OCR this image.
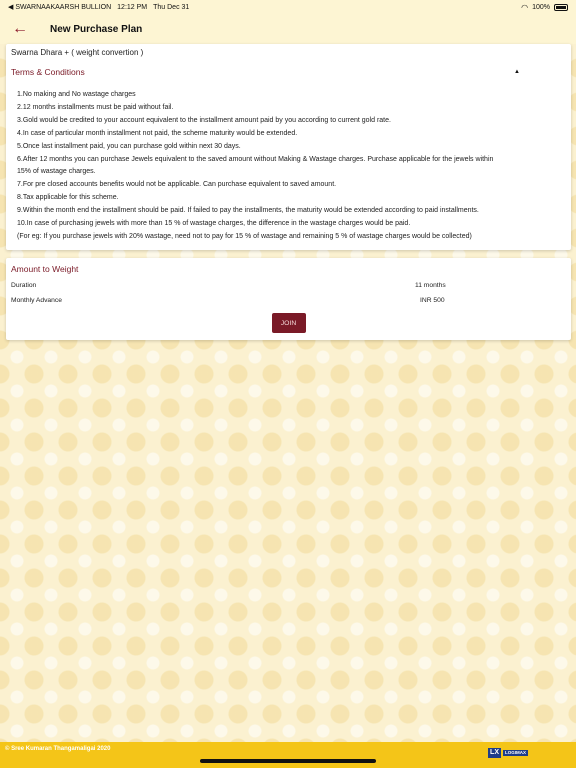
◀ SWARNAAKAARSH BULLION 12:12 PM Thu Dec 31	◠ 100%
← New Purchase Plan
Swarna Dhara + ( weight convertion )
Terms & Conditions	▲
1.No making and No wastage charges
2.12 months installments must be paid without fail.
3.Gold would be credited to your account equivalent to the installment amount paid by you according to current gold rate.
4.In case of particular month installment not paid, the scheme maturity would be extended.
5.Once last installment paid, you can purchase gold within next 30 days.
6.After 12 months you can purchase Jewels equivalent to the saved amount without Making & Wastage charges. Purchase applicable for the jewels within
15% of wastage charges.
7.For pre closed accounts benefits would not be applicable. Can purchase equivalent to saved amount.
8.Tax applicable for this scheme.
9.Within the month end the installment should be paid. If failed to pay the installments, the maturity would be extended according to paid installments.
10.In case of purchasing jewels with more than 15 % of wastage charges, the difference in the wastage charges would be paid.
(For eg: If you purchase jewels with 20% wastage, need not to pay for 15 % of wastage and remaining 5 % of wastage charges would be collected)
Amount to Weight
Duration	11 months
Monthly Advance	INR 500
JOIN
© Sree Kumaran Thangamaligai 2020	LX	LOGIMAX
